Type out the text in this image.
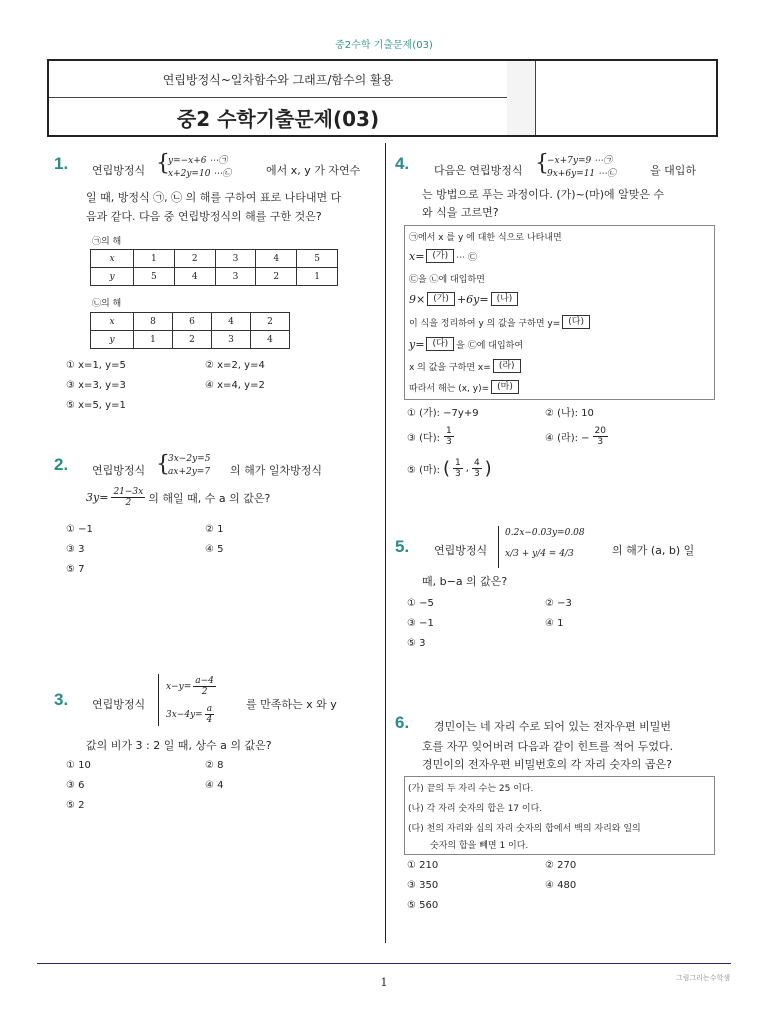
중2수학 기출문제(03)
연립방정식~일차함수와 그래프/함수의 활용
중2 수학기출문제(03)
1. 연립방정식 {
y=−x+6 ⋯㉠
x+2y=10 ⋯㉡	에서 x, y 가 자연수
일 때, 방정식 ㉠, ㉡ 의 해를 구하여 표로 나타내면 다
음과 같다. 다음 중 연립방정식의 해를 구한 것은?
㉠의 해
x	1	2	3	4	5
y	5	4	3	2	1
㉡의 해
x	8	6	4	2
y	1	2	3	4
① x=1, y=5	② x=2, y=4
③ x=3, y=3	④ x=4, y=2
⑤ x=5, y=1
2. 연립방정식 {
3x−2y=5
ax+2y=7 의 해가 일차방정식
$3y= \frac{21-3x}{2}$ 의 해일 때, 수 a 의 값은?
① −1	② 1
③ 3	④ 5
⑤ 7
3. 연립방정식
$x-y= \frac{a-4}{2}$
$3x-4y= \frac{a}{4}$	를 만족하는 x 와 y
값의 비가 3 : 2 일 때, 상수 a 의 값은?
① 10	② 8
③ 6	④ 4
⑤ 2
4. 다음은 연립방정식 {
−x+7y=9 ⋯㉠
9x+6y=11 ⋯㉡	을 대입하
는 방법으로 푸는 과정이다. (가)~(마)에 알맞은 수
와 식을 고르면?
㉠에서 x 를 y 에 대한 식으로 나타내면
x= (가) ⋯ ㉢
㉢을 ㉡에 대입하면
9× (가) +6y= (나)
이 식을 정리하여 y 의 값을 구하면 y= (다)
y= (다) 을 ㉢에 대입하여
x 의 값을 구하면 x= (라)
따라서 해는 (x, y)= (마)
① (가): −7y+9	② (나): 10
③ (다): $\frac{1}{3}$	④ (라): − $\frac{20}{3}$
⑤ (마): ( $\frac{1}{3}$ , $\frac{4}{3}$ )
5. 연립방정식
0.2x−0.03y=0.08
x/3 + y/4 = 4/3	의 해가 (a, b) 일
때, b−a 의 값은?
① −5	② −3
③ −1	④ 1
⑤ 3
6. 경민이는 네 자리 수로 되어 있는 전자우편 비밀번
호를 자꾸 잊어버려 다음과 같이 힌트를 적어 두었다.
경민이의 전자우편 비밀번호의 각 자리 숫자의 곱은?
(가) 끝의 두 자리 수는 25 이다.
(나) 각 자리 숫자의 합은 17 이다.
(다) 천의 자리와 십의 자리 숫자의 합에서 백의 자리와 일의
숫자의 합을 빼면 1 이다.
① 210	② 270
③ 350	④ 480
⑤ 560
1	그림그리는수학샘
